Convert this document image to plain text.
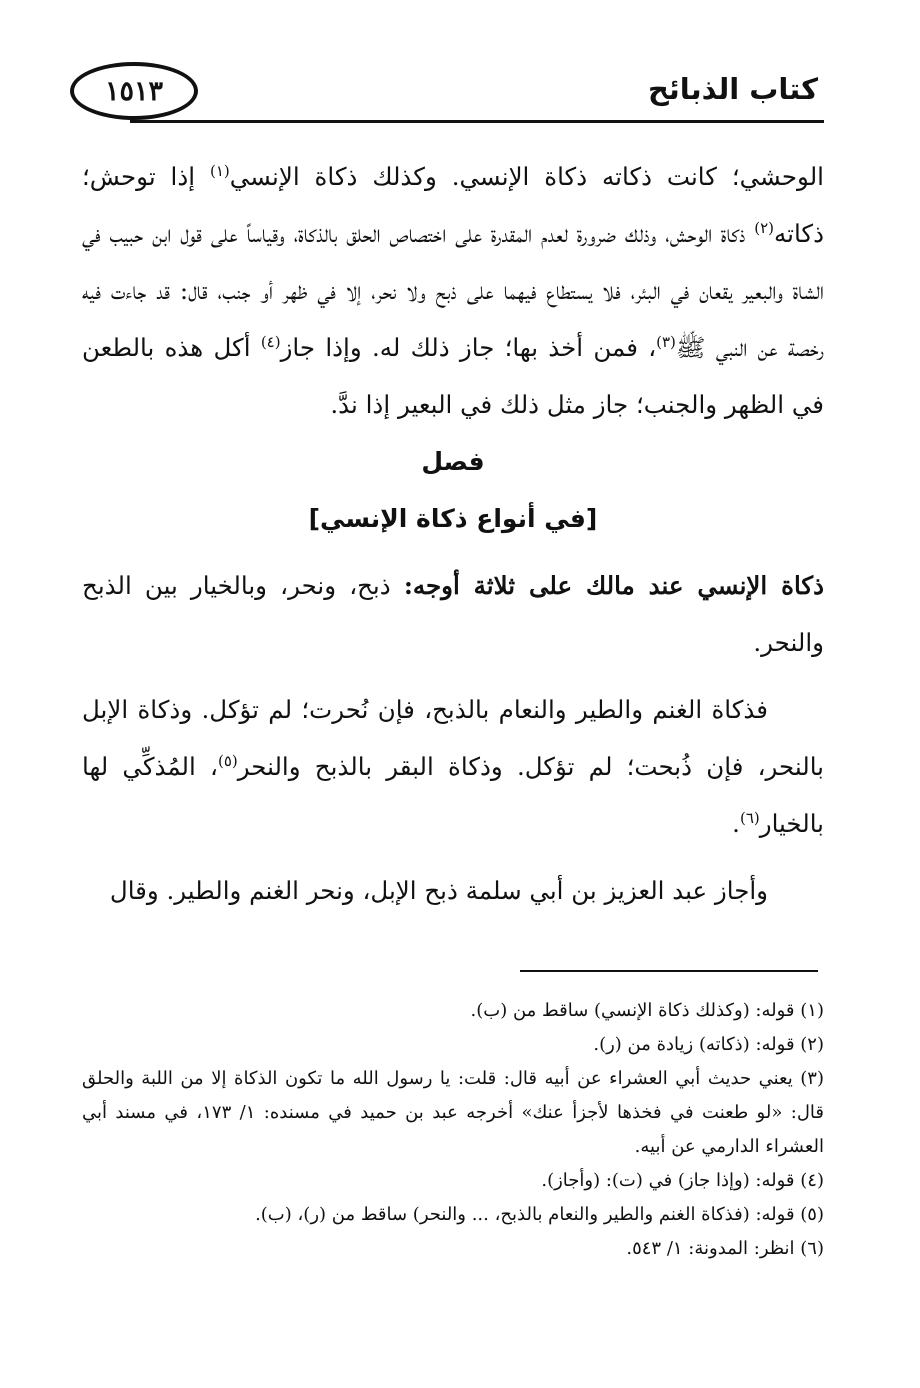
كتاب الذبائح
١٥١٣

الوحشي؛ كانت ذكاته ذكاة الإنسي. وكذلك ذكاة الإنسي$^{(١)}$ إذا توحش؛ ذكاته$^{(٢)}$ ذكاة الوحش، وذلك ضرورة لعدم المقدرة على اختصاص الحلق بالذكاة، وقياساً على قول ابن حبيب في الشاة والبعير يقعان في البئر، فلا يستطاع فيهما على ذبح ولا نحر، إلا في ظهر أو جنب، قال: قد جاءت فيه رخصة عن النبي ﷺ$^{(٣)}$، فمن أخذ بها؛ جاز ذلك له. وإذا جاز$^{(٤)}$ أكل هذه بالطعن في الظهر والجنب؛ جاز مثل ذلك في البعير إذا ندَّ.

فصل

[في أنواع ذكاة الإنسي]

ذكاة الإنسي عند مالك على ثلاثة أوجه: ذبح، ونحر، وبالخيار بين الذبح والنحر.

فذكاة الغنم والطير والنعام بالذبح، فإن نُحرت؛ لم تؤكل. وذكاة الإبل بالنحر، فإن ذُبحت؛ لم تؤكل. وذكاة البقر بالذبح والنحر$^{(٥)}$، المُذكِّي لها بالخيار$^{(٦)}$.

وأجاز عبد العزيز بن أبي سلمة ذبح الإبل، ونحر الغنم والطير. وقال

(١) قوله: (وكذلك ذكاة الإنسي) ساقط من (ب).

(٢) قوله: (ذكاته) زيادة من (ر).

(٣) يعني حديث أبي العشراء عن أبيه قال: قلت: يا رسول الله ما تكون الذكاة إلا من اللبة والحلق قال: «لو طعنت في فخذها لأجزأ عنك» أخرجه عبد بن حميد في مسنده: ١/ ١٧٣، في مسند أبي العشراء الدارمي عن أبيه.

(٤) قوله: (وإذا جاز) في (ت): (وأجاز).

(٥) قوله: (فذكاة الغنم والطير والنعام بالذبح، ... والنحر) ساقط من (ر)، (ب).

(٦) انظر: المدونة: ١/ ٥٤٣.
